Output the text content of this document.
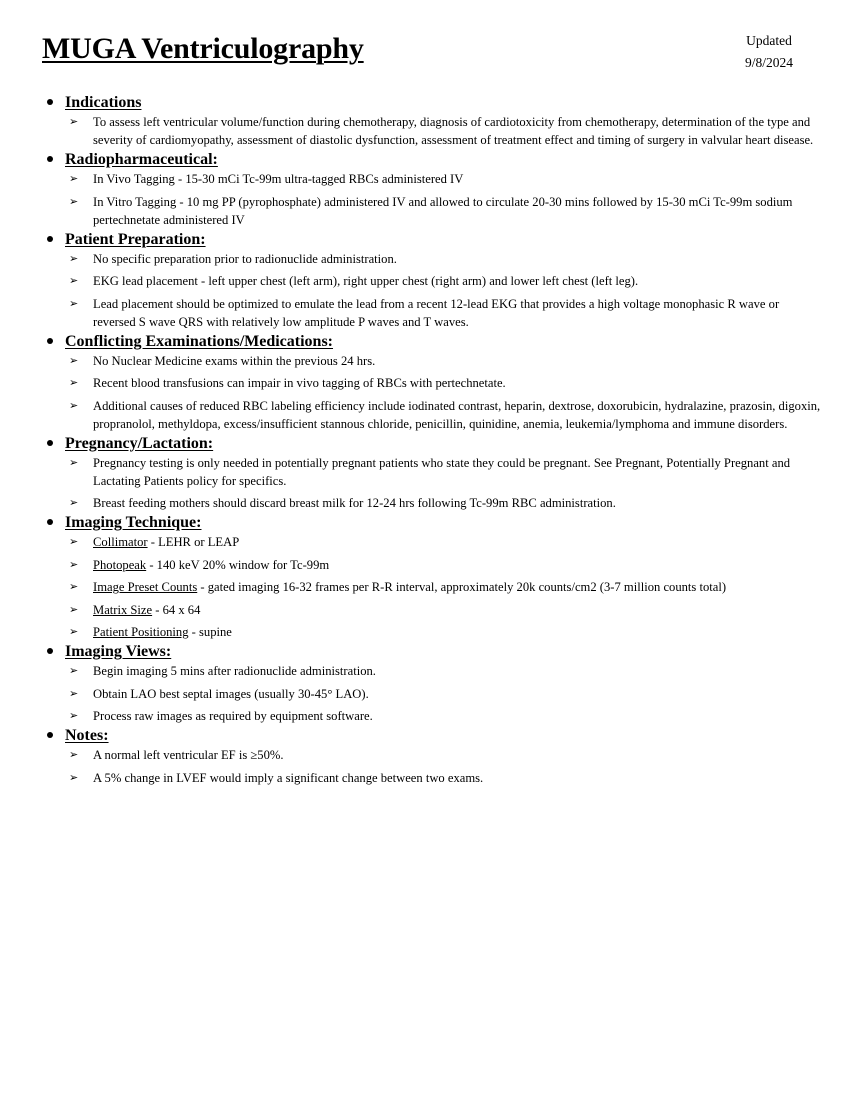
MUGA Ventriculography	Updated
9/8/2024
Indications
➢	To assess left ventricular volume/function during chemotherapy, diagnosis of cardiotoxicity from chemotherapy, determination of the type and severity of cardiomyopathy, assessment of diastolic dysfunction, assessment of treatment effect and timing of surgery in valvular heart disease.
Radiopharmaceutical:
➢	In Vivo Tagging - 15-30 mCi Tc-99m ultra-tagged RBCs administered IV
➢	In Vitro Tagging - 10 mg PP (pyrophosphate) administered IV and allowed to circulate 20-30 mins followed by 15-30 mCi Tc-99m sodium pertechnetate administered IV
Patient Preparation:
➢	No specific preparation prior to radionuclide administration.
➢	EKG lead placement - left upper chest (left arm), right upper chest (right arm) and lower left chest (left leg).
➢	Lead placement should be optimized to emulate the lead from a recent 12-lead EKG that provides a high voltage monophasic R wave or reversed S wave QRS with relatively low amplitude P waves and T waves.
Conflicting Examinations/Medications:
➢	No Nuclear Medicine exams within the previous 24 hrs.
➢	Recent blood transfusions can impair in vivo tagging of RBCs with pertechnetate.
➢	Additional causes of reduced RBC labeling efficiency include iodinated contrast, heparin, dextrose, doxorubicin, hydralazine, prazosin, digoxin, propranolol, methyldopa, excess/insufficient stannous chloride, penicillin, quinidine, anemia, leukemia/lymphoma and immune disorders.
Pregnancy/Lactation:
➢	Pregnancy testing is only needed in potentially pregnant patients who state they could be pregnant. See Pregnant, Potentially Pregnant and Lactating Patients policy for specifics.
➢	Breast feeding mothers should discard breast milk for 12-24 hrs following Tc-99m RBC administration.
Imaging Technique:
➢	Collimator - LEHR or LEAP
➢	Photopeak - 140 keV 20% window for Tc-99m
➢	Image Preset Counts - gated imaging 16-32 frames per R-R interval, approximately 20k counts/cm2 (3-7 million counts total)
➢	Matrix Size - 64 x 64
➢	Patient Positioning - supine
Imaging Views:
➢	Begin imaging 5 mins after radionuclide administration.
➢	Obtain LAO best septal images (usually 30-45° LAO).
➢	Process raw images as required by equipment software.
Notes:
➢	A normal left ventricular EF is ≥50%.
➢	A 5% change in LVEF would imply a significant change between two exams.
